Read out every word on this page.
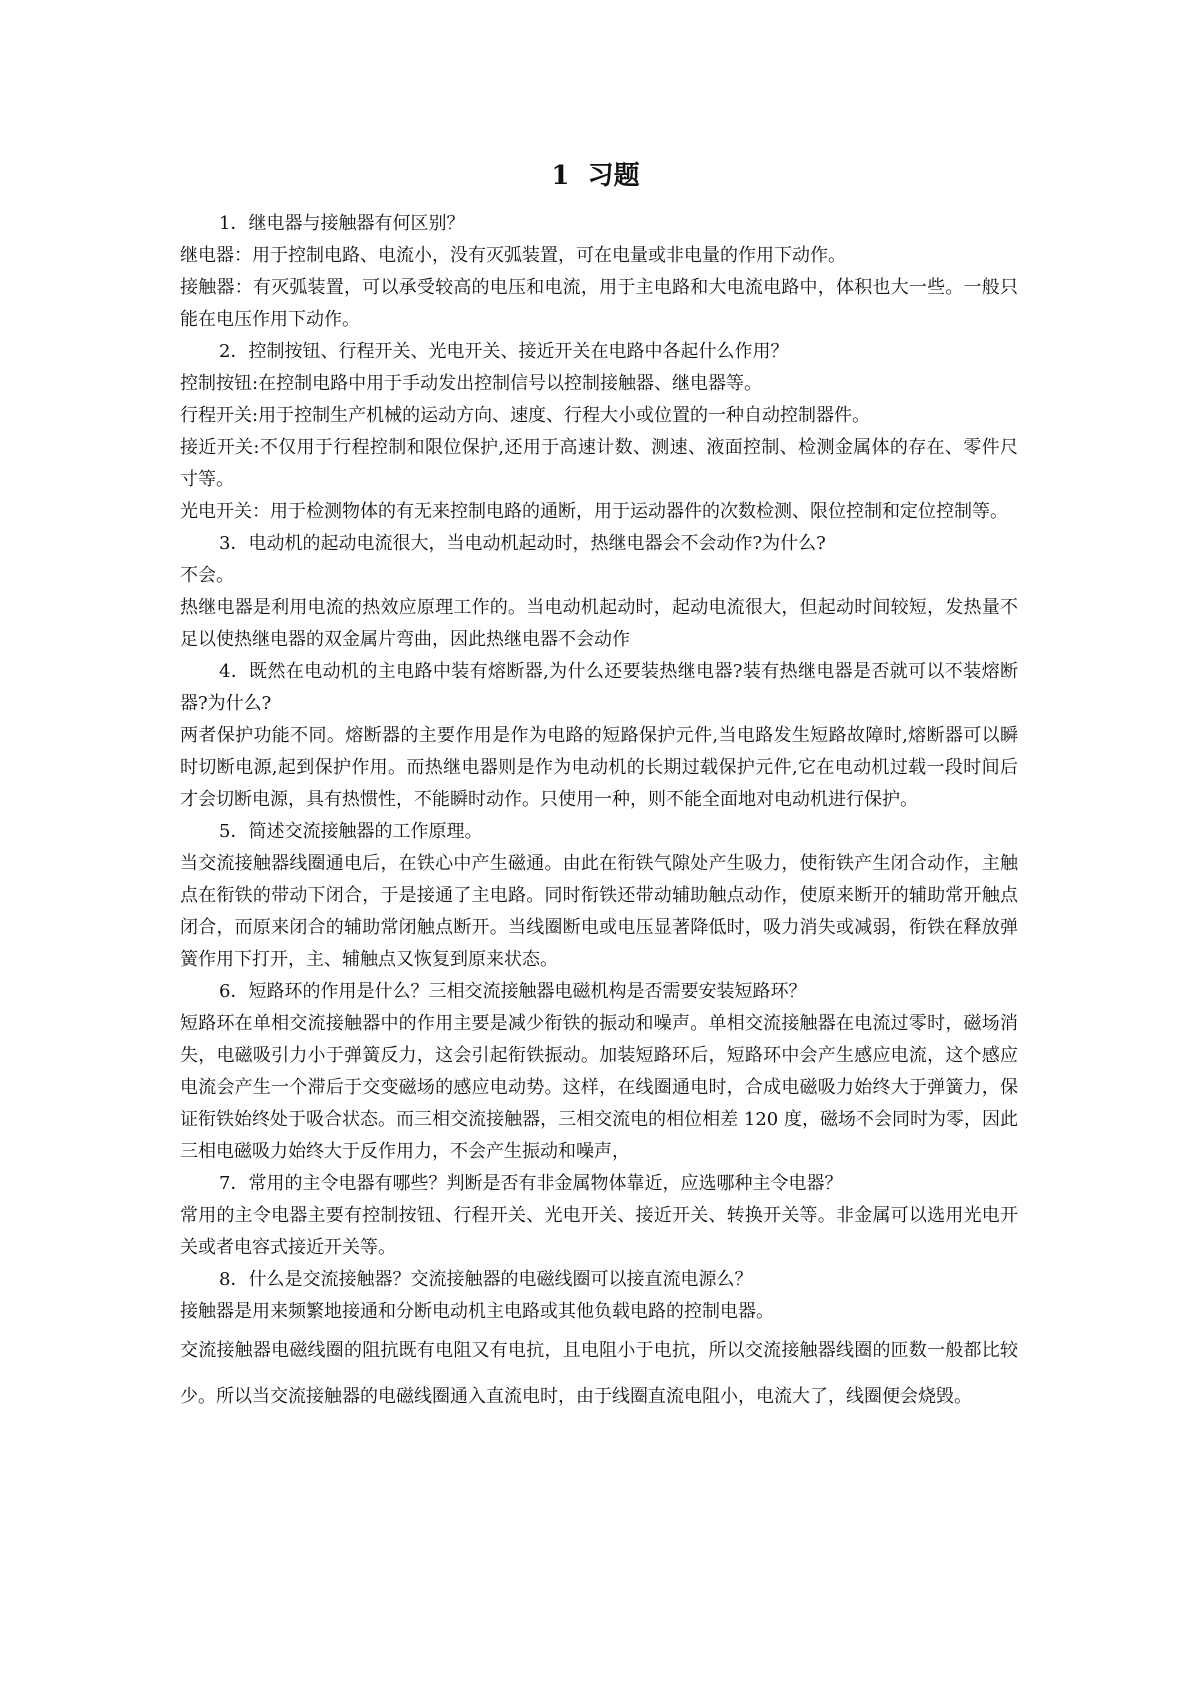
1  习题

1．继电器与接触器有何区别？

继电器：用于控制电路、电流小，没有灭弧装置，可在电量或非电量的作用下动作。

接触器：有灭弧装置，可以承受较高的电压和电流，用于主电路和大电流电路中，体积也大一些。一般只能在电压作用下动作。

2．控制按钮、行程开关、光电开关、接近开关在电路中各起什么作用？

控制按钮:在控制电路中用于手动发出控制信号以控制接触器、继电器等。

行程开关:用于控制生产机械的运动方向、速度、行程大小或位置的一种自动控制器件。

接近开关:不仅用于行程控制和限位保护,还用于高速计数、测速、液面控制、检测金属体的存在、零件尺寸等。

光电开关：用于检测物体的有无来控制电路的通断，用于运动器件的次数检测、限位控制和定位控制等。

3．电动机的起动电流很大，当电动机起动时，热继电器会不会动作?为什么?

不会。

热继电器是利用电流的热效应原理工作的。当电动机起动时，起动电流很大，但起动时间较短，发热量不足以使热继电器的双金属片弯曲，因此热继电器不会动作

4．既然在电动机的主电路中装有熔断器,为什么还要装热继电器?装有热继电器是否就可以不装熔断器?为什么?

两者保护功能不同。熔断器的主要作用是作为电路的短路保护元件,当电路发生短路故障时,熔断器可以瞬时切断电源,起到保护作用。而热继电器则是作为电动机的长期过载保护元件,它在电动机过载一段时间后才会切断电源，具有热惯性，不能瞬时动作。只使用一种，则不能全面地对电动机进行保护。

5．简述交流接触器的工作原理。

当交流接触器线圈通电后，在铁心中产生磁通。由此在衔铁气隙处产生吸力，使衔铁产生闭合动作，主触点在衔铁的带动下闭合，于是接通了主电路。同时衔铁还带动辅助触点动作，使原来断开的辅助常开触点闭合，而原来闭合的辅助常闭触点断开。当线圈断电或电压显著降低时，吸力消失或减弱，衔铁在释放弹簧作用下打开，主、辅触点又恢复到原来状态。

6．短路环的作用是什么？三相交流接触器电磁机构是否需要安装短路环？

短路环在单相交流接触器中的作用主要是减少衔铁的振动和噪声。单相交流接触器在电流过零时，磁场消失，电磁吸引力小于弹簧反力，这会引起衔铁振动。加装短路环后，短路环中会产生感应电流，这个感应电流会产生一个滞后于交变磁场的感应电动势。这样，在线圈通电时，合成电磁吸力始终大于弹簧力，保证衔铁始终处于吸合状态。而三相交流接触器，三相交流电的相位相差 120 度，磁场不会同时为零，因此三相电磁吸力始终大于反作用力，不会产生振动和噪声，

7．常用的主令电器有哪些？判断是否有非金属物体靠近，应选哪种主令电器？

常用的主令电器主要有控制按钮、行程开关、光电开关、接近开关、转换开关等。非金属可以选用光电开关或者电容式接近开关等。

8．什么是交流接触器？交流接触器的电磁线圈可以接直流电源么？

接触器是用来频繁地接通和分断电动机主电路或其他负载电路的控制电器。

交流接触器电磁线圈的阻抗既有电阻又有电抗，且电阻小于电抗，所以交流接触器线圈的匝数一般都比较少。所以当交流接触器的电磁线圈通入直流电时，由于线圈直流电阻小，电流大了，线圈便会烧毁。
